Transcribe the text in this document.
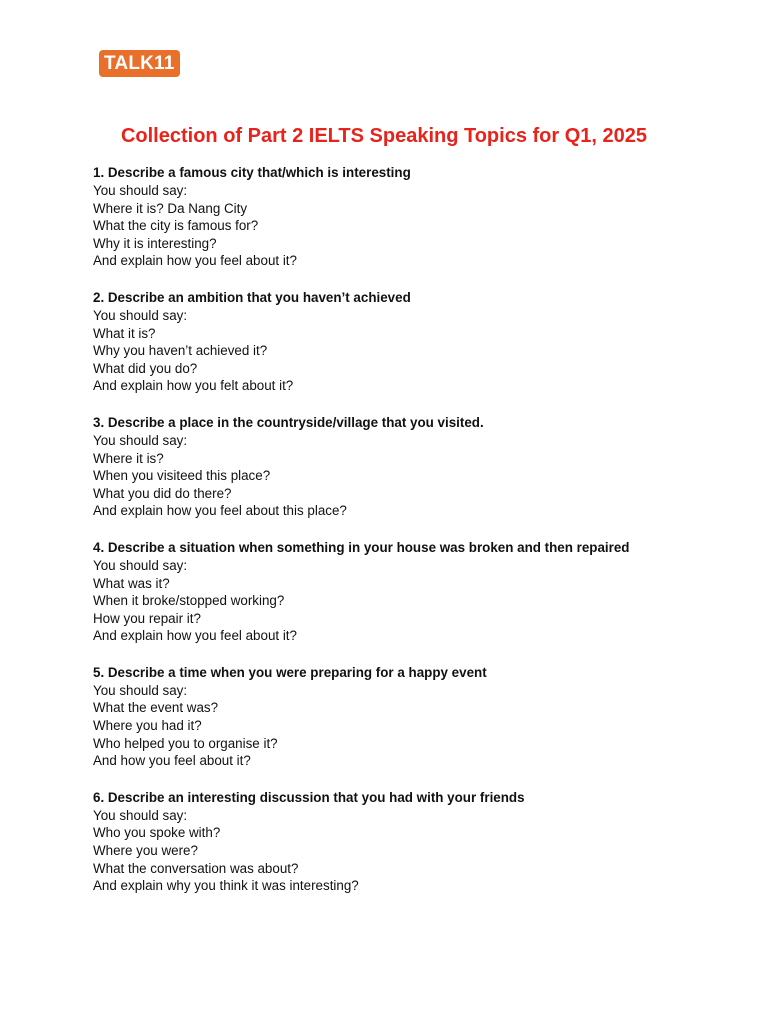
TALK11
Collection of Part 2 IELTS Speaking Topics for Q1, 2025
1. Describe a famous city that/which is interesting
You should say:
Where it is? Da Nang City
What the city is famous for?
Why it is interesting?
And explain how you feel about it?
2. Describe an ambition that you haven’t achieved
You should say:
What it is?
Why you haven’t achieved it?
What did you do?
And explain how you felt about it?
3. Describe a place in the countryside/village that you visited.
You should say:
Where it is?
When you visiteed this place?
What you did do there?
And explain how you feel about this place?
4. Describe a situation when something in your house was broken and then repaired
You should say:
What was it?
When it broke/stopped working?
How you repair it?
And explain how you feel about it?
5. Describe a time when you were preparing for a happy event
You should say:
What the event was?
Where you had it?
Who helped you to organise it?
And how you feel about it?
6. Describe an interesting discussion that you had with your friends
You should say:
Who you spoke with?
Where you were?
What the conversation was about?
And explain why you think it was interesting?
